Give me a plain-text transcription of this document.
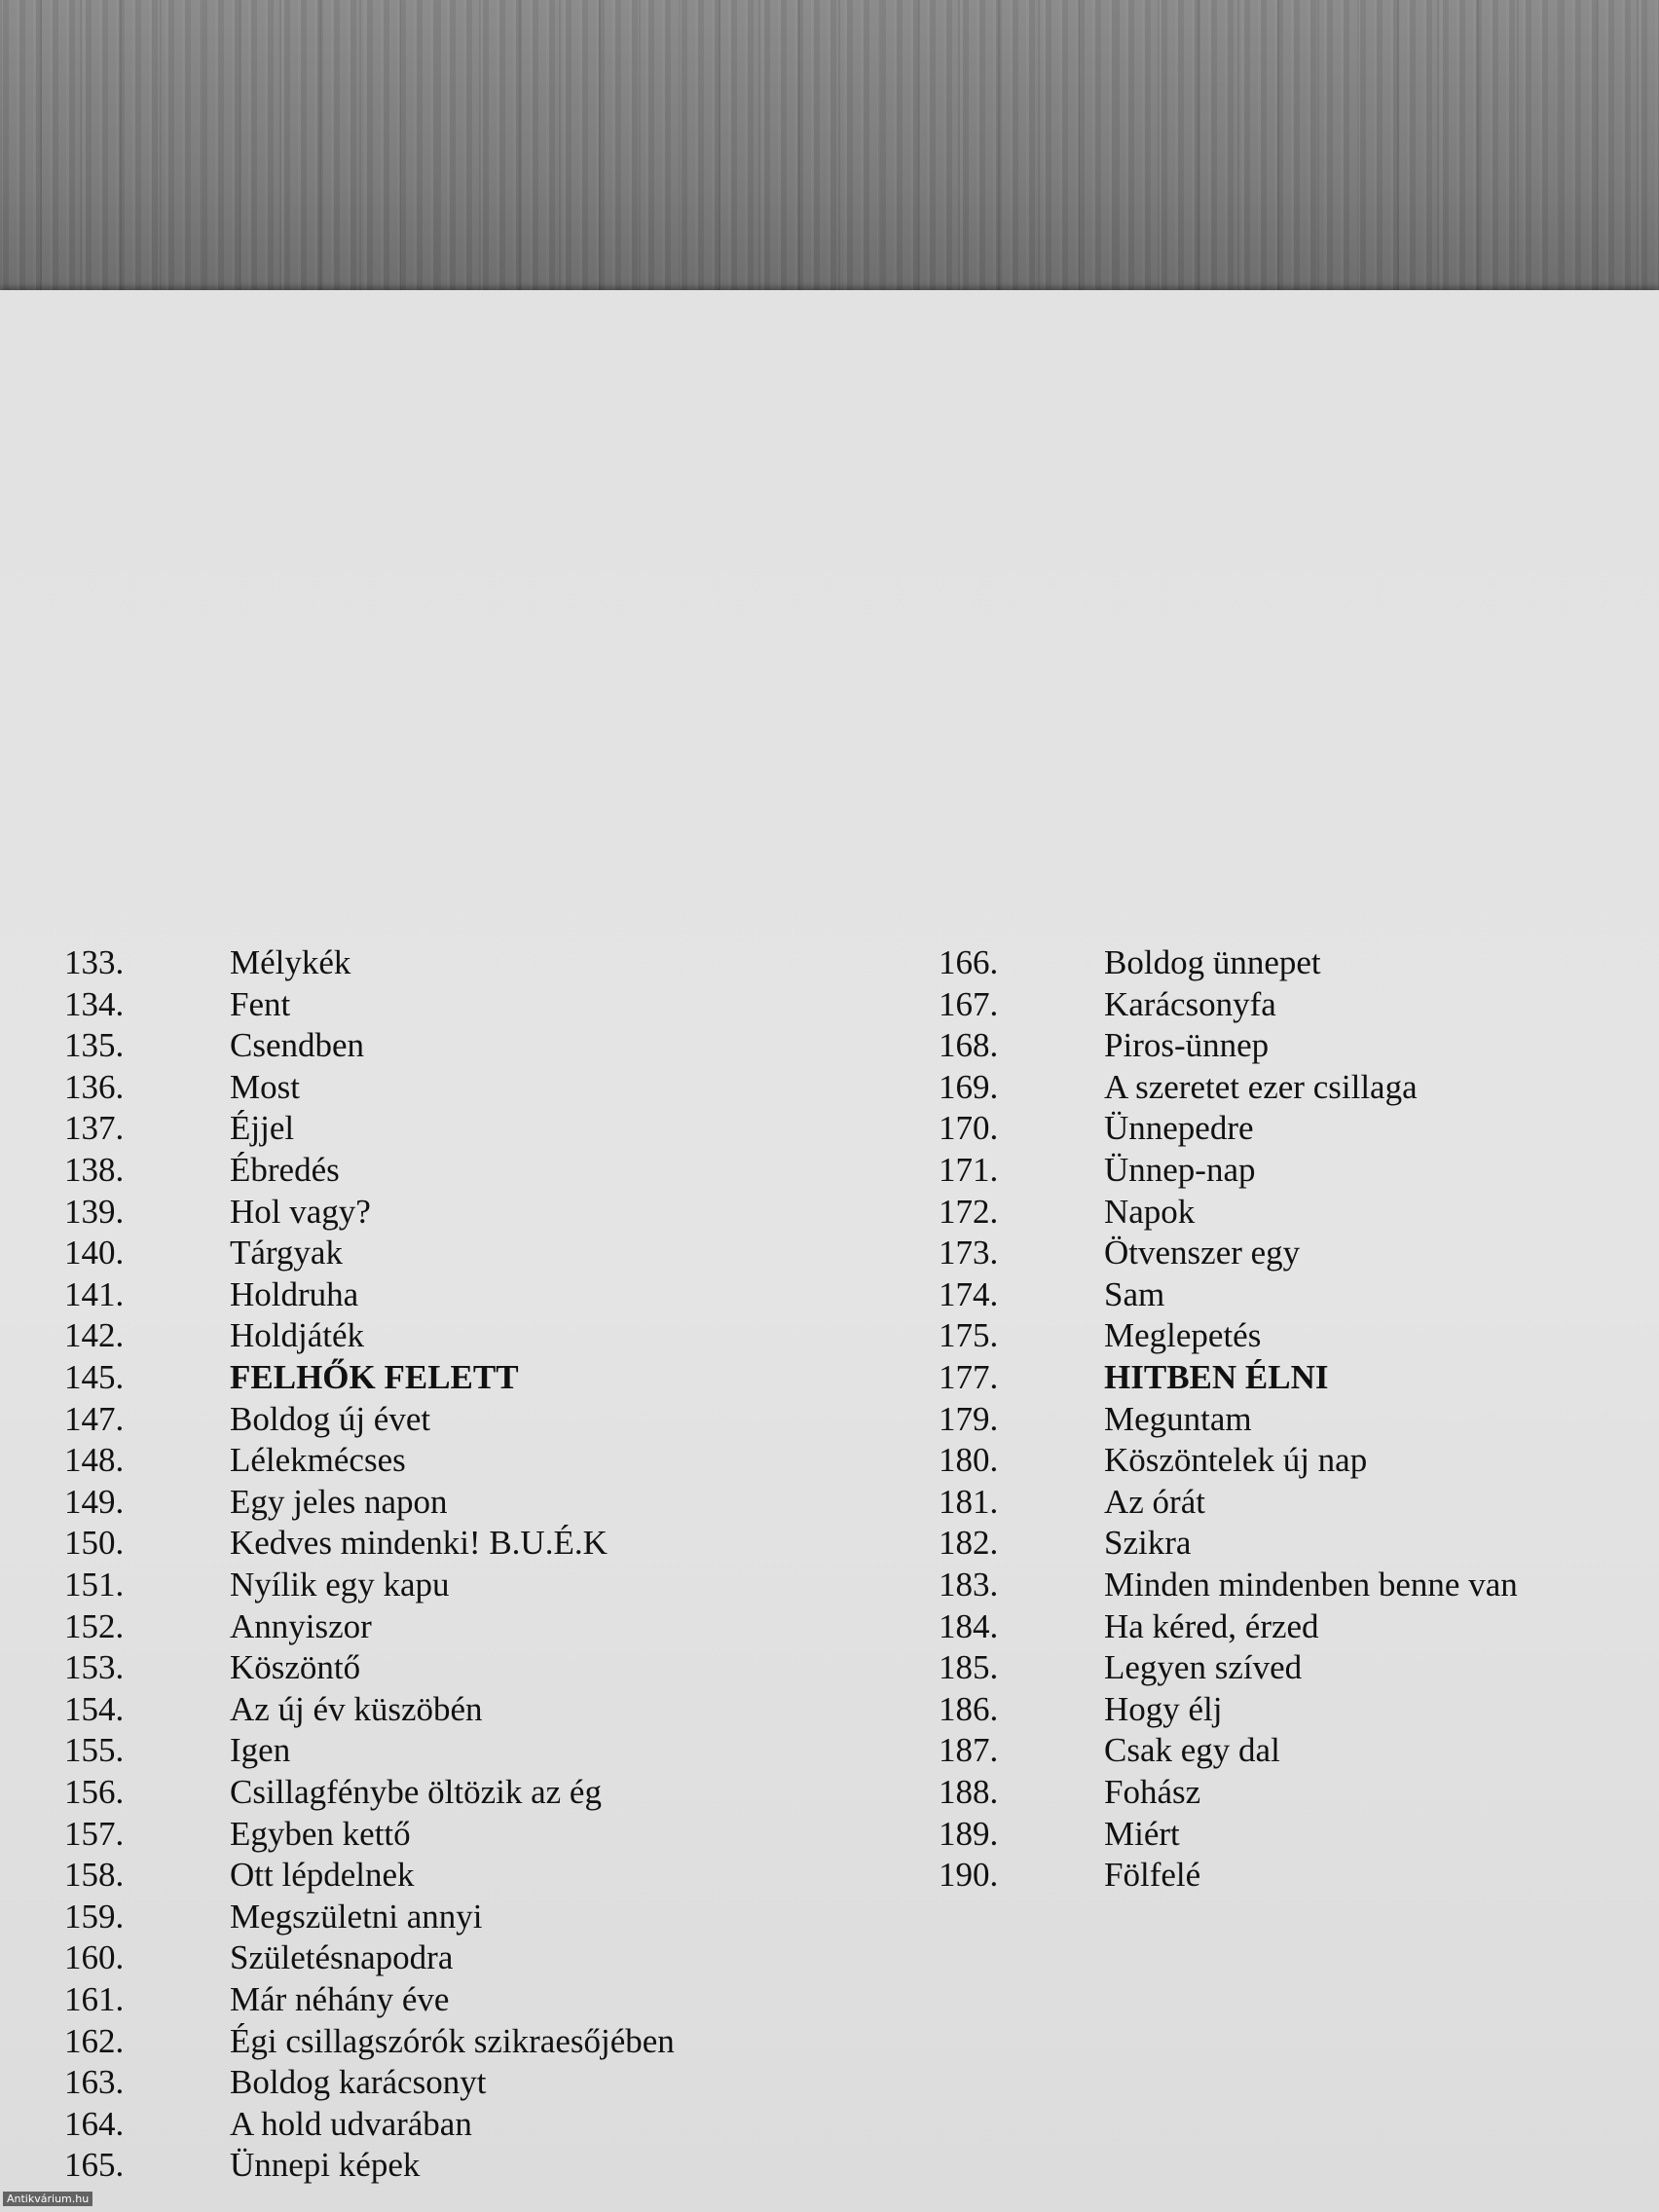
133.	Mélykék
134.	Fent
135.	Csendben
136.	Most
137.	Éjjel
138.	Ébredés
139.	Hol vagy?
140.	Tárgyak
141.	Holdruha
142.	Holdjáték
145.	FELHŐK FELETT
147.	Boldog új évet
148.	Lélekmécses
149.	Egy jeles napon
150.	Kedves mindenki! B.U.É.K
151.	Nyílik egy kapu
152.	Annyiszor
153.	Köszöntő
154.	Az új év küszöbén
155.	Igen
156.	Csillagfénybe öltözik az ég
157.	Egyben kettő
158.	Ott lépdelnek
159.	Megszületni annyi
160.	Születésnapodra
161.	Már néhány éve
162.	Égi csillagszórók szikraesőjében
163.	Boldog karácsonyt
164.	A hold udvarában
165.	Ünnepi képek
166.	Boldog ünnepet
167.	Karácsonyfa
168.	Piros-ünnep
169.	A szeretet ezer csillaga
170.	Ünnepedre
171.	Ünnep-nap
172.	Napok
173.	Ötvenszer egy
174.	Sam
175.	Meglepetés
177.	HITBEN ÉLNI
179.	Meguntam
180.	Köszöntelek új nap
181.	Az órát
182.	Szikra
183.	Minden mindenben benne van
184.	Ha kéred, érzed
185.	Legyen szíved
186.	Hogy élj
187.	Csak egy dal
188.	Fohász
189.	Miért
190.	Fölfelé
Antikvárium.hu
